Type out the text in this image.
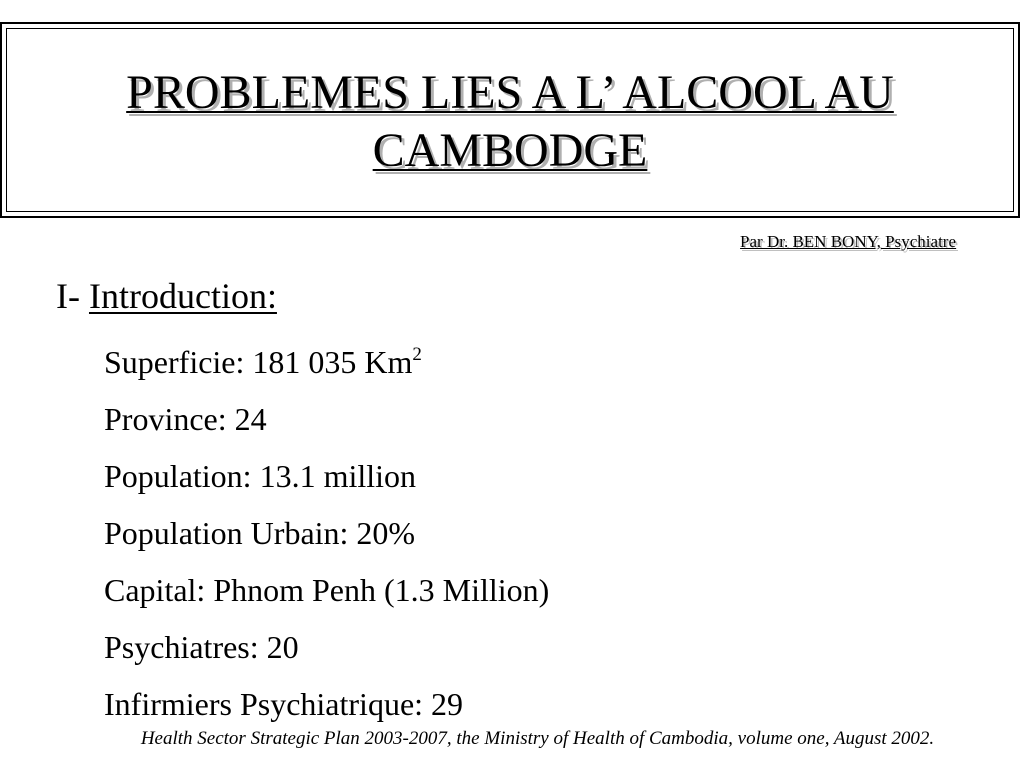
PROBLEMES LIES A L’ ALCOOL AU
CAMBODGE
Par Dr. BEN BONY, Psychiatre
I- Introduction:
Superficie: 181 035 Km$^2$
Province: 24
Population: 13.1 million
Population Urbain: 20%
Capital: Phnom Penh (1.3 Million)
Psychiatres: 20
Infirmiers Psychiatrique: 29
Health Sector Strategic Plan 2003-2007, the Ministry of Health of Cambodia, volume one, August 2002.
